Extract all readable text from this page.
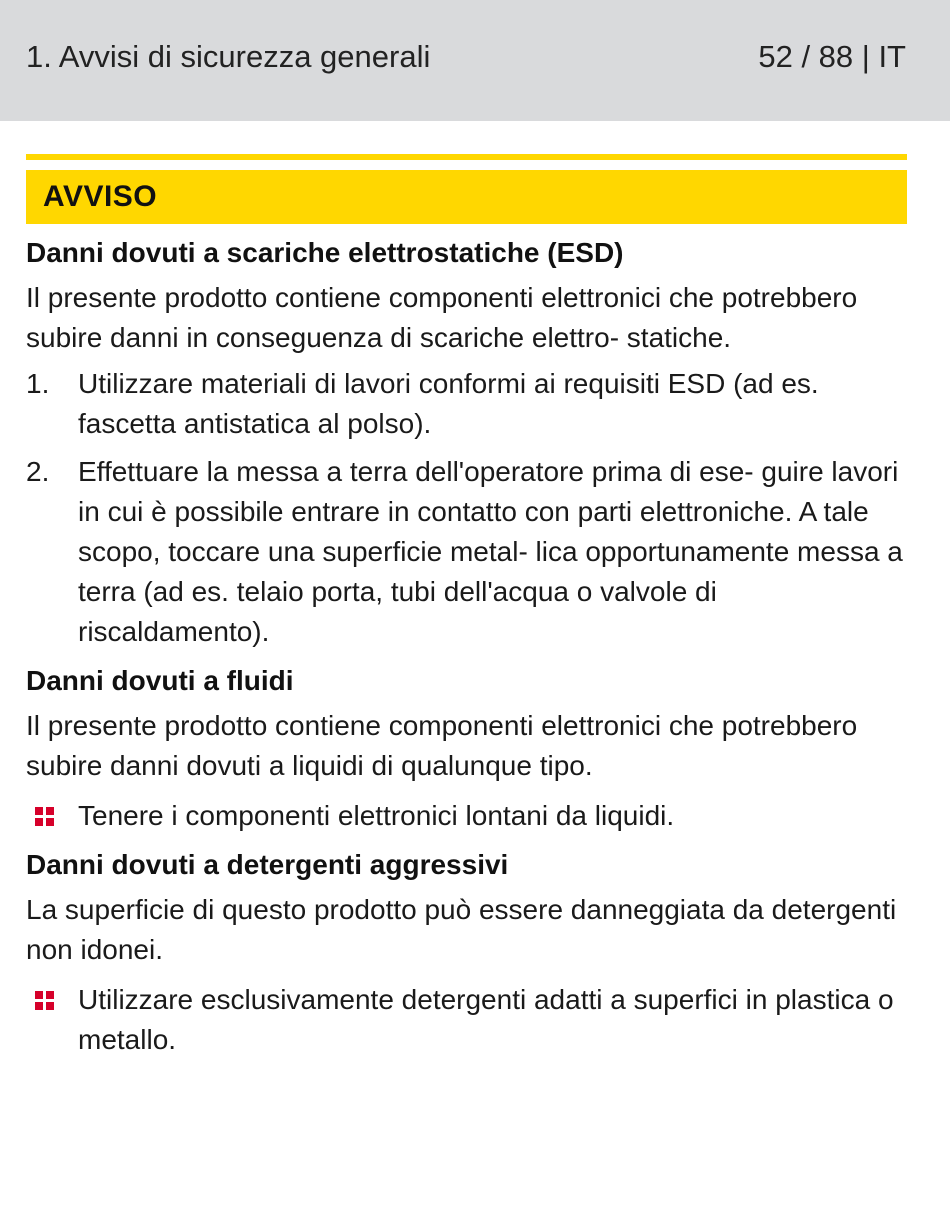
1. Avvisi di sicurezza generali	52 / 88 | IT
AVVISO
Danni dovuti a scariche elettrostatiche (ESD)

Il presente prodotto contiene componenti elettronici che potrebbero subire danni in conseguenza di scariche elettro- statiche.

1.	Utilizzare materiali di lavori conformi ai requisiti ESD (ad es. fascetta antistatica al polso).
2.	Effettuare la messa a terra dell'operatore prima di ese- guire lavori in cui è possibile entrare in contatto con parti elettroniche. A tale scopo, toccare una superficie metal- lica opportunamente messa a terra (ad es. telaio porta, tubi dell'acqua o valvole di riscaldamento).
Danni dovuti a fluidi

Il presente prodotto contiene componenti elettronici che potrebbero subire danni dovuti a liquidi di qualunque tipo.

Tenere i componenti elettronici lontani da liquidi.
Danni dovuti a detergenti aggressivi

La superficie di questo prodotto può essere danneggiata da detergenti non idonei.

Utilizzare esclusivamente detergenti adatti a superfici in plastica o metallo.
